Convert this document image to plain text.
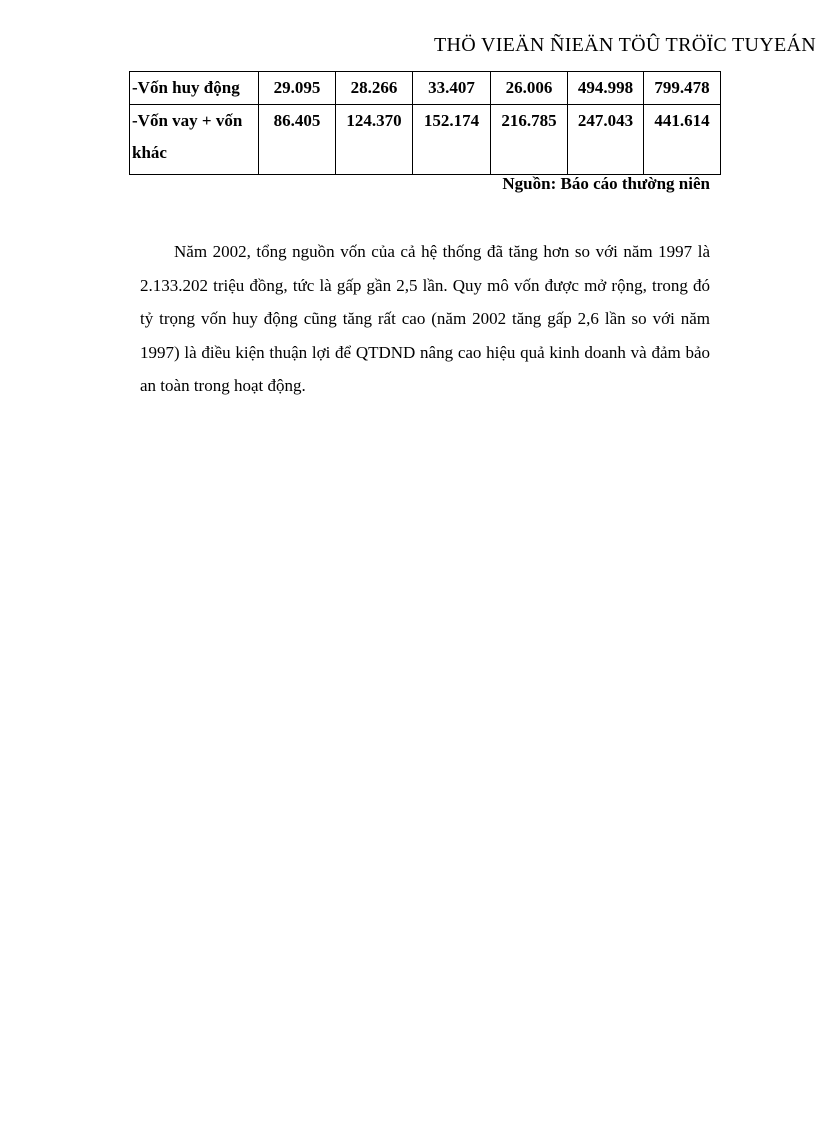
THÖ VIEÄN ÑIEÄN TÖÛ TRÖÏC TUYEÁN
-Vốn huy động	29.095	28.266	33.407	26.006	494.998	799.478

-Vốn vay + vốn
khác	86.405	124.370	152.174	216.785	247.043	441.614
Nguồn: Báo cáo thường niên

Năm 2002, tổng nguồn vốn của cả hệ thống đã tăng hơn so với năm 1997 là 2.133.202 triệu đồng, tức là gấp gần 2,5 lần. Quy mô vốn được mở rộng, trong đó tỷ trọng vốn huy động cũng tăng rất cao (năm 2002 tăng gấp 2,6 lần so với năm 1997) là điều kiện thuận lợi để QTDND nâng cao hiệu quả kinh doanh và đảm bảo an toàn trong hoạt động.
